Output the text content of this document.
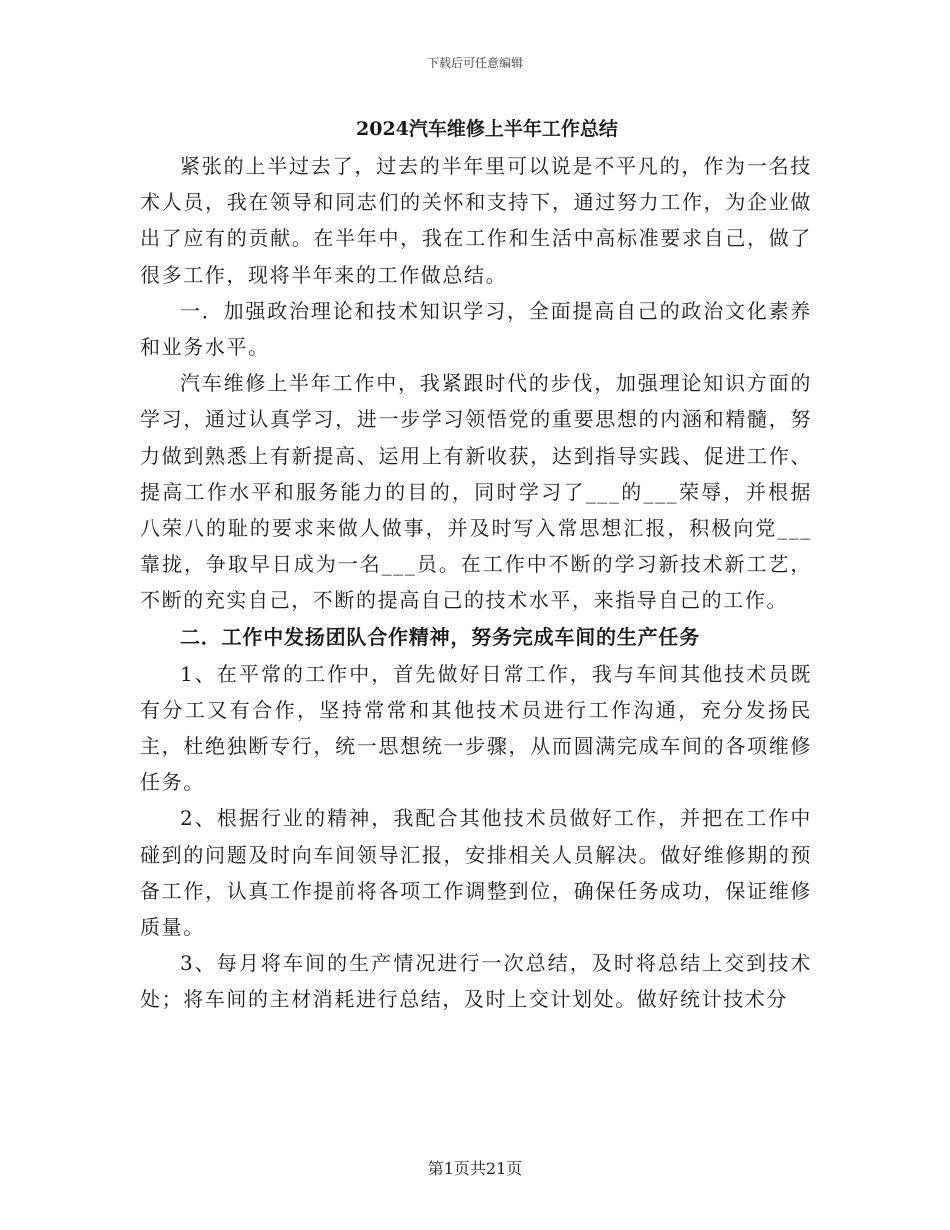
下载后可任意编辑
2024汽车维修上半年工作总结

紧张的上半过去了，过去的半年里可以说是不平凡的，作为一名技术人员，我在领导和同志们的关怀和支持下，通过努力工作，为企业做出了应有的贡献。在半年中，我在工作和生活中高标准要求自己，做了很多工作，现将半年来的工作做总结。

一．加强政治理论和技术知识学习，全面提高自己的政治文化素养和业务水平。

汽车维修上半年工作中，我紧跟时代的步伐，加强理论知识方面的学习，通过认真学习，进一步学习领悟党的重要思想的内涵和精髓，努力做到熟悉上有新提高、运用上有新收获，达到指导实践、促进工作、提高工作水平和服务能力的目的，同时学习了___的___荣辱，并根据八荣八的耻的要求来做人做事，并及时写入常思想汇报，积极向党___靠拢，争取早日成为一名___员。在工作中不断的学习新技术新工艺，不断的充实自己，不断的提高自己的技术水平，来指导自己的工作。

二．工作中发扬团队合作精神，努务完成车间的生产任务

1、在平常的工作中，首先做好日常工作，我与车间其他技术员既有分工又有合作，坚持常常和其他技术员进行工作沟通，充分发扬民主，杜绝独断专行，统一思想统一步骤，从而圆满完成车间的各项维修任务。

2、根据行业的精神，我配合其他技术员做好工作，并把在工作中碰到的问题及时向车间领导汇报，安排相关人员解决。做好维修期的预备工作，认真工作提前将各项工作调整到位，确保任务成功，保证维修质量。

3、每月将车间的生产情况进行一次总结，及时将总结上交到技术处；将车间的主材消耗进行总结，及时上交计划处。做好统计技术分

第1页共21页
